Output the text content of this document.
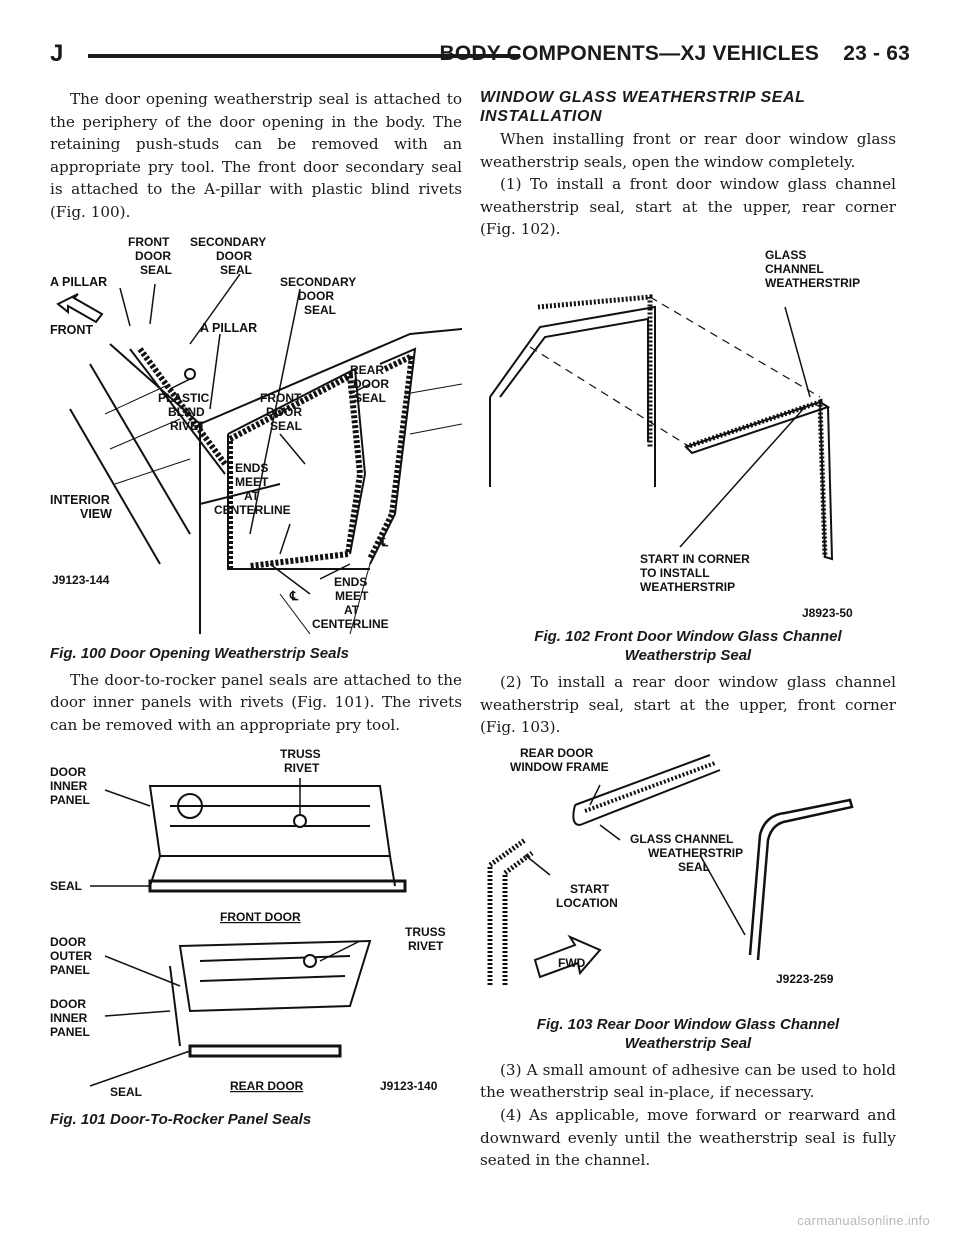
J	BODY COMPONENTS—XJ VEHICLES 23 - 63

The door opening weatherstrip seal is attached to the periphery of the door opening in the body. The retaining push-studs can be removed with an appropriate pry tool. The front door secondary seal is attached to the A-pillar with plastic blind rivets (Fig. 100).

A PILLAR
FRONT
DOOR
SEAL
SECONDARY
DOOR
SEAL
SECONDARY
DOOR
SEAL
FRONT	A PILLAR
PLASTIC
BLIND
RIVET
FRONT
DOOR
SEAL
REAR
DOOR
SEAL
ENDS
MEET
AT
CENTERLINE
ENDS
MEET
AT
CENTERLINE
INTERIOR
VIEW
℄
℄
J9123-144
Fig. 100 Door Opening Weatherstrip Seals

The door-to-rocker panel seals are attached to the door inner panels with rivets (Fig. 101). The rivets can be removed with an appropriate pry tool.

TRUSS
RIVET
DOOR
INNER
PANEL
SEAL
FRONT DOOR
DOOR
OUTER
PANEL
TRUSS
RIVET
DOOR
INNER
PANEL
SEAL	REAR DOOR	J9123-140
Fig. 101 Door-To-Rocker Panel Seals
WINDOW GLASS WEATHERSTRIP SEAL INSTALLATION

When installing front or rear door window glass weatherstrip seals, open the window completely.

(1) To install a front door window glass channel weatherstrip seal, start at the upper, rear corner (Fig. 102).

GLASS
CHANNEL
WEATHERSTRIP
START IN CORNER
TO INSTALL
WEATHERSTRIP
J8923-50
Fig. 102 Front Door Window Glass Channel
Weatherstrip Seal

(2) To install a rear door window glass channel weatherstrip seal, start at the upper, front corner (Fig. 103).

FWD
REAR DOOR
WINDOW FRAME
GLASS CHANNEL
WEATHERSTRIP
SEAL
START
LOCATION
J9223-259
Fig. 103 Rear Door Window Glass Channel
Weatherstrip Seal

(3) A small amount of adhesive can be used to hold the weatherstrip seal in-place, if necessary.

(4) As applicable, move forward or rearward and downward evenly until the weatherstrip seal is fully seated in the channel.

carmanualsonline.info
